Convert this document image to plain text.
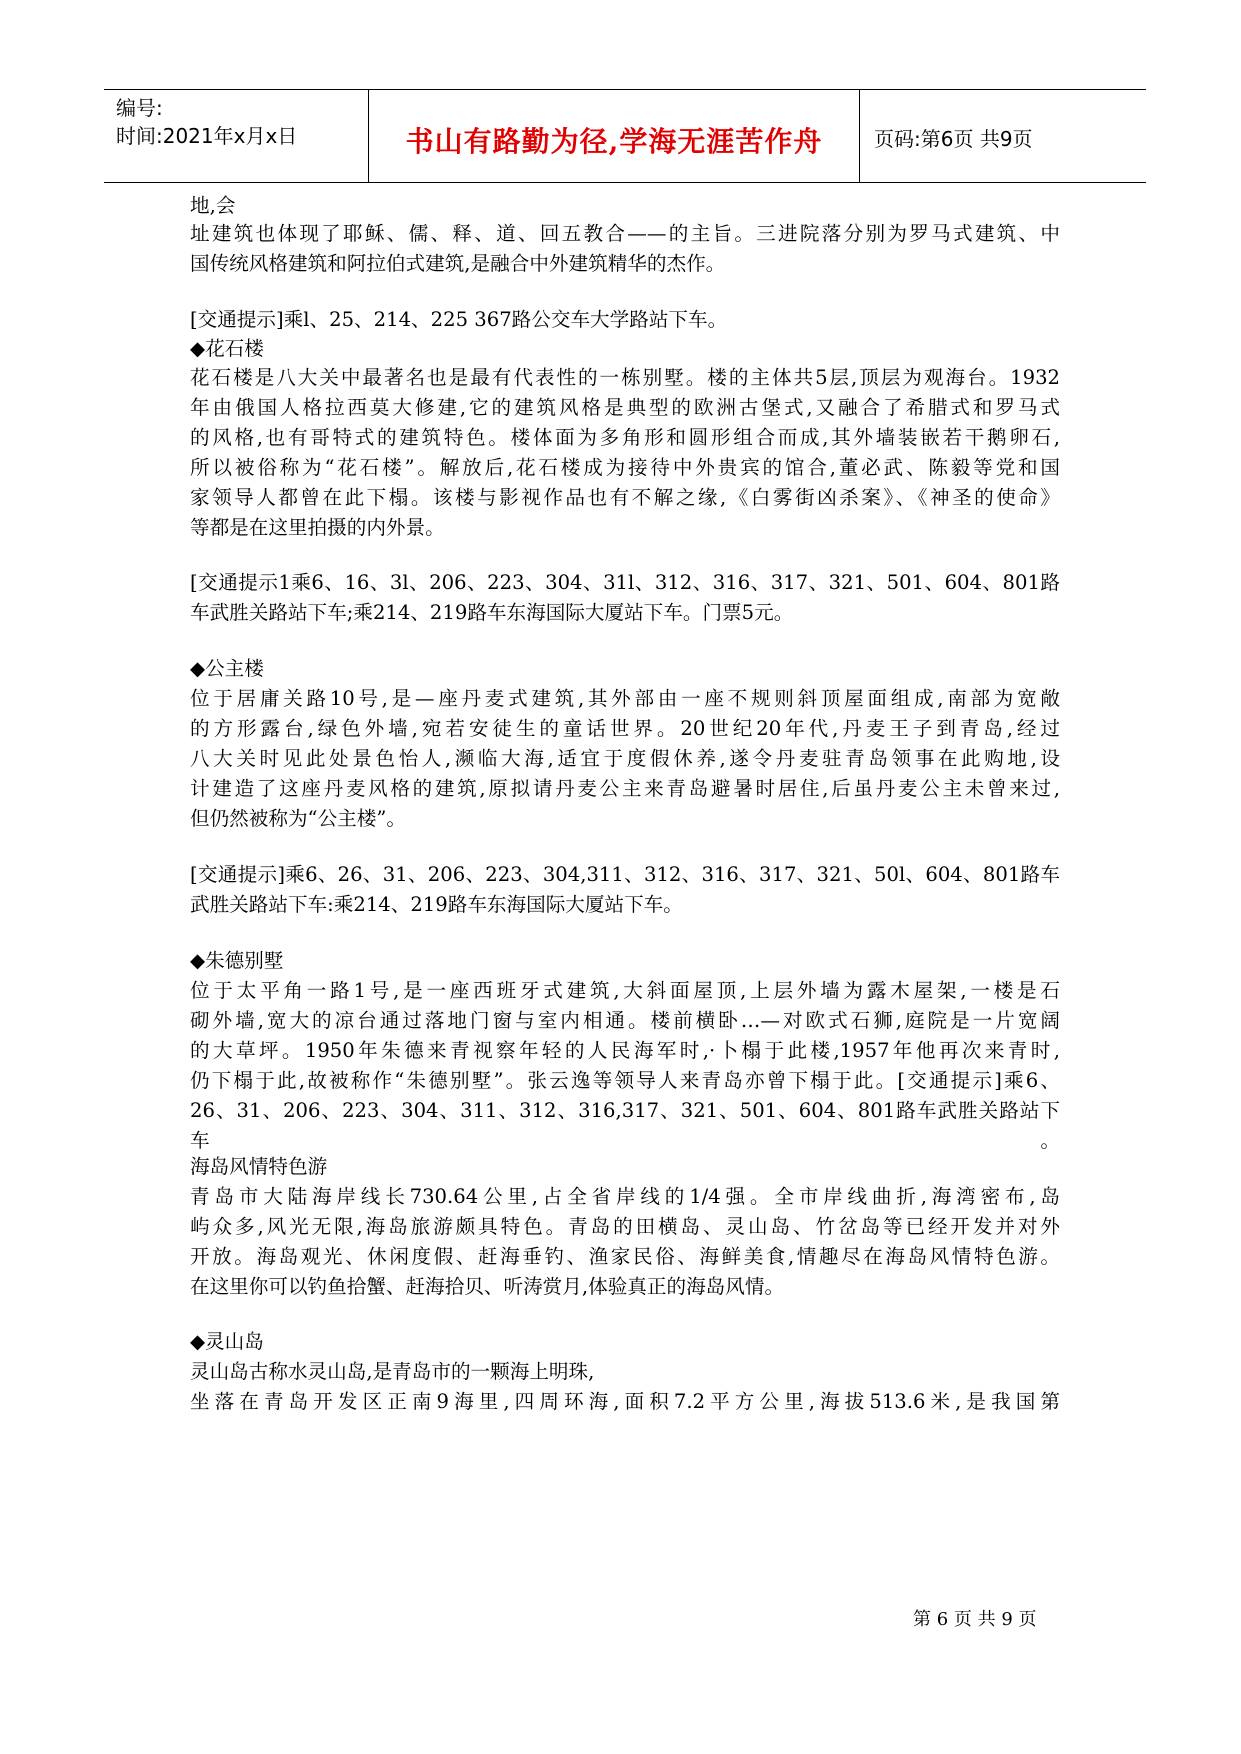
编号:
时间:2021年x月x日	书山有路勤为径,学海无涯苦作舟	页码:第6页 共9页
地,会
址建筑也体现了耶稣、儒、释、道、回五教合——的主旨。三进院落分别为罗马式建筑、中
国传统风格建筑和阿拉伯式建筑,是融合中外建筑精华的杰作。
[交通提示]乘l、25、214、225 367路公交车大学路站下车。
◆花石楼
花石楼是八大关中最著名也是最有代表性的一栋别墅。楼的主体共5层,顶层为观海台。1932
年由俄国人格拉西莫大修建,它的建筑风格是典型的欧洲古堡式,又融合了希腊式和罗马式
的风格,也有哥特式的建筑特色。楼体面为多角形和圆形组合而成,其外墙装嵌若干鹅卵石,
所以被俗称为“花石楼”。解放后,花石楼成为接待中外贵宾的馆合,董必武、陈毅等党和国
家领导人都曾在此下榻。该楼与影视作品也有不解之缘,《白雾街凶杀案》、《神圣的使命》
等都是在这里拍摄的内外景。
[交通提示1乘6、16、3l、206、223、304、31l、312、316、317、321、501、604、801路
车武胜关路站下车;乘214、219路车东海国际大厦站下车。门票5元。
◆公主楼
位于居庸关路10号,是—座丹麦式建筑,其外部由一座不规则斜顶屋面组成,南部为宽敞
的方形露台,绿色外墙,宛若安徒生的童话世界。20世纪20年代,丹麦王子到青岛,经过
八大关时见此处景色怡人,濒临大海,适宜于度假休养,遂令丹麦驻青岛领事在此购地,设
计建造了这座丹麦风格的建筑,原拟请丹麦公主来青岛避暑时居住,后虽丹麦公主未曾来过,
但仍然被称为“公主楼”。
[交通提示]乘6、26、31、206、223、304,311、312、316、317、321、50l、604、801路车
武胜关路站下车:乘214、219路车东海国际大厦站下车。
◆朱德别墅
位于太平角一路1号,是一座西班牙式建筑,大斜面屋顶,上层外墙为露木屋架,一楼是石
砌外墙,宽大的凉台通过落地门窗与室内相通。楼前横卧…—对欧式石狮,庭院是一片宽阔
的大草坪。1950年朱德来青视察年轻的人民海军时,·卜榻于此楼,1957年他再次来青时,
仍下榻于此,故被称作“朱德别墅”。张云逸等领导人来青岛亦曾下榻于此。[交通提示]乘6、
26、31、206、223、304、311、312、316,317、321、501、604、801路车武胜关路站下车。
海岛风情特色游
青岛市大陆海岸线长730.64公里,占全省岸线的1/4强。全市岸线曲折,海湾密布,岛
屿众多,风光无限,海岛旅游颇具特色。青岛的田横岛、灵山岛、竹岔岛等已经开发并对外
开放。海岛观光、休闲度假、赶海垂钓、渔家民俗、海鲜美食,情趣尽在海岛风情特色游。
在这里你可以钓鱼拾蟹、赶海拾贝、听涛赏月,体验真正的海岛风情。
◆灵山岛
灵山岛古称水灵山岛,是青岛市的一颗海上明珠,
坐落在青岛开发区正南9海里,四周环海,面积7.2平方公里,海拔513.6米,是我国第
第 6 页 共 9 页
